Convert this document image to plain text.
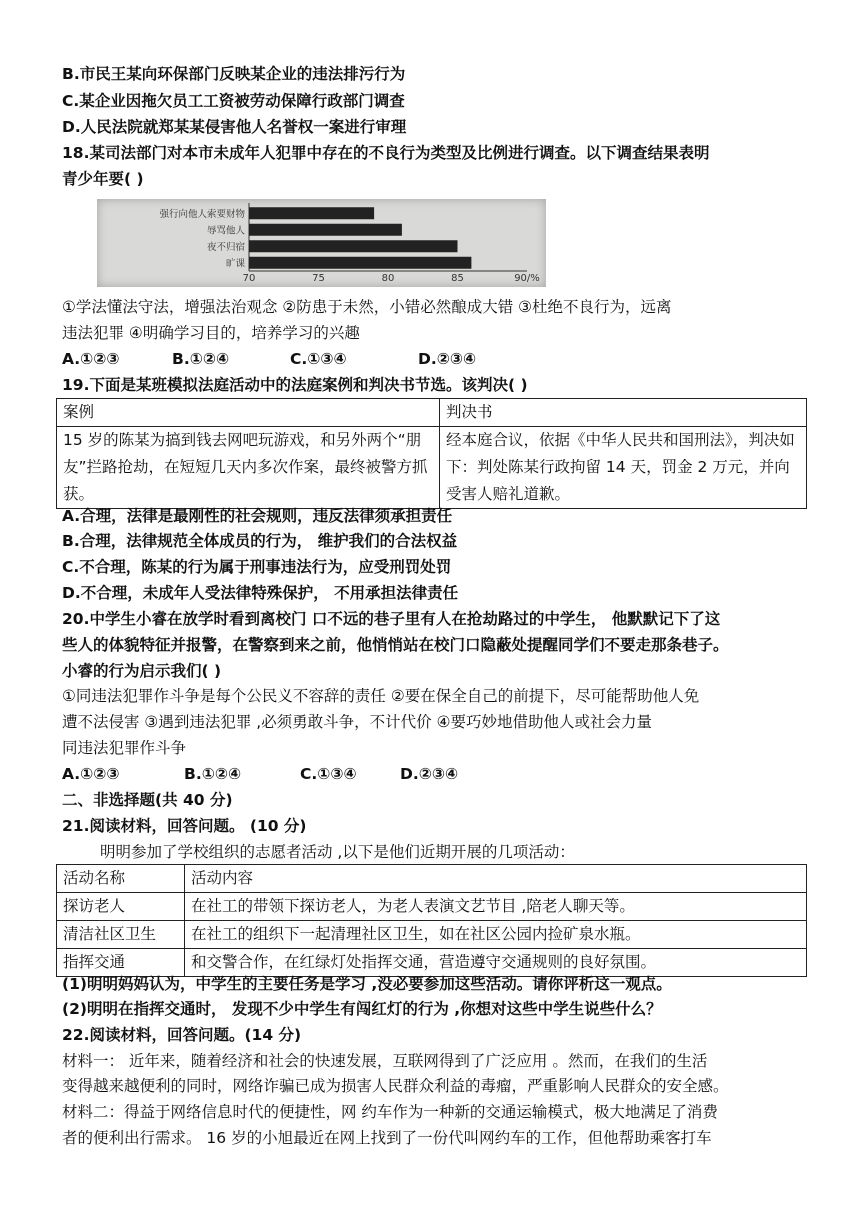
B.市民王某向环保部门反映某企业的违法排污行为
C.某企业因拖欠员工工资被劳动保障行政部门调查
D.人民法院就郑某某侵害他人名誉权一案进行审理
18.某司法部门对本市未成年人犯罪中存在的不良行为类型及比例进行调查。以下调查结果表明
青少年要( )
强行向他人索要财物
辱骂他人
夜不归宿
旷课
70	75	80	85	90/%
①学法懂法守法，增强法治观念 ②防患于未然，小错必然酿成大错 ③杜绝不良行为，远离
违法犯罪 ④明确学习目的，培养学习的兴趣
A.①②③	B.①②④	C.①③④	D.②③④
19.下面是某班模拟法庭活动中的法庭案例和判决书节选。该判决( )
案例	判决书
15 岁的陈某为搞到钱去网吧玩游戏，和另外两个“朋友”拦路抢劫，在短短几天内多次作案，最终被警方抓获。	经本庭合议，依据《中华人民共和国刑法》，判决如下：判处陈某行政拘留 14 天，罚金 2 万元，并向受害人赔礼道歉。
A.合理，法律是最刚性的社会规则，违反法律须承担责任
B.合理，法律规范全体成员的行为， 维护我们的合法权益
C.不合理，陈某的行为属于刑事违法行为，应受刑罚处罚
D.不合理，未成年人受法律特殊保护， 不用承担法律责任
20.中学生小睿在放学时看到离校门 口不远的巷子里有人在抢劫路过的中学生， 他默默记下了这
些人的体貌特征并报警，在警察到来之前，他悄悄站在校门口隐蔽处提醒同学们不要走那条巷子。
小睿的行为启示我们( )
①同违法犯罪作斗争是每个公民义不容辞的责任 ②要在保全自己的前提下，尽可能帮助他人免
遭不法侵害 ③遇到违法犯罪 ,必须勇敢斗争，不计代价 ④要巧妙地借助他人或社会力量
同违法犯罪作斗争
A.①②③	B.①②④	C.①③④	D.②③④
二、非选择题(共 40 分)
21.阅读材料，回答问题。 (10 分)
明明参加了学校组织的志愿者活动 ,以下是他们近期开展的几项活动：
活动名称	活动内容
探访老人	在社工的带领下探访老人，为老人表演文艺节目 ,陪老人聊天等。
清洁社区卫生	在社工的组织下一起清理社区卫生，如在社区公园内捡矿泉水瓶。
指挥交通	和交警合作，在红绿灯处指挥交通，营造遵守交通规则的良好氛围。
(1)明明妈妈认为，中学生的主要任务是学习 ,没必要参加这些活动。请你评析这一观点。
(2)明明在指挥交通时， 发现不少中学生有闯红灯的行为 ,你想对这些中学生说些什么？
22.阅读材料，回答问题。(14 分)
材料一： 近年来，随着经济和社会的快速发展，互联网得到了广泛应用 。然而，在我们的生活
变得越来越便利的同时，网络诈骗已成为损害人民群众利益的毒瘤，严重影响人民群众的安全感。
材料二：得益于网络信息时代的便捷性，网 约车作为一种新的交通运输模式，极大地满足了消费
者的便利出行需求。 16 岁的小旭最近在网上找到了一份代叫网约车的工作，但他帮助乘客打车
